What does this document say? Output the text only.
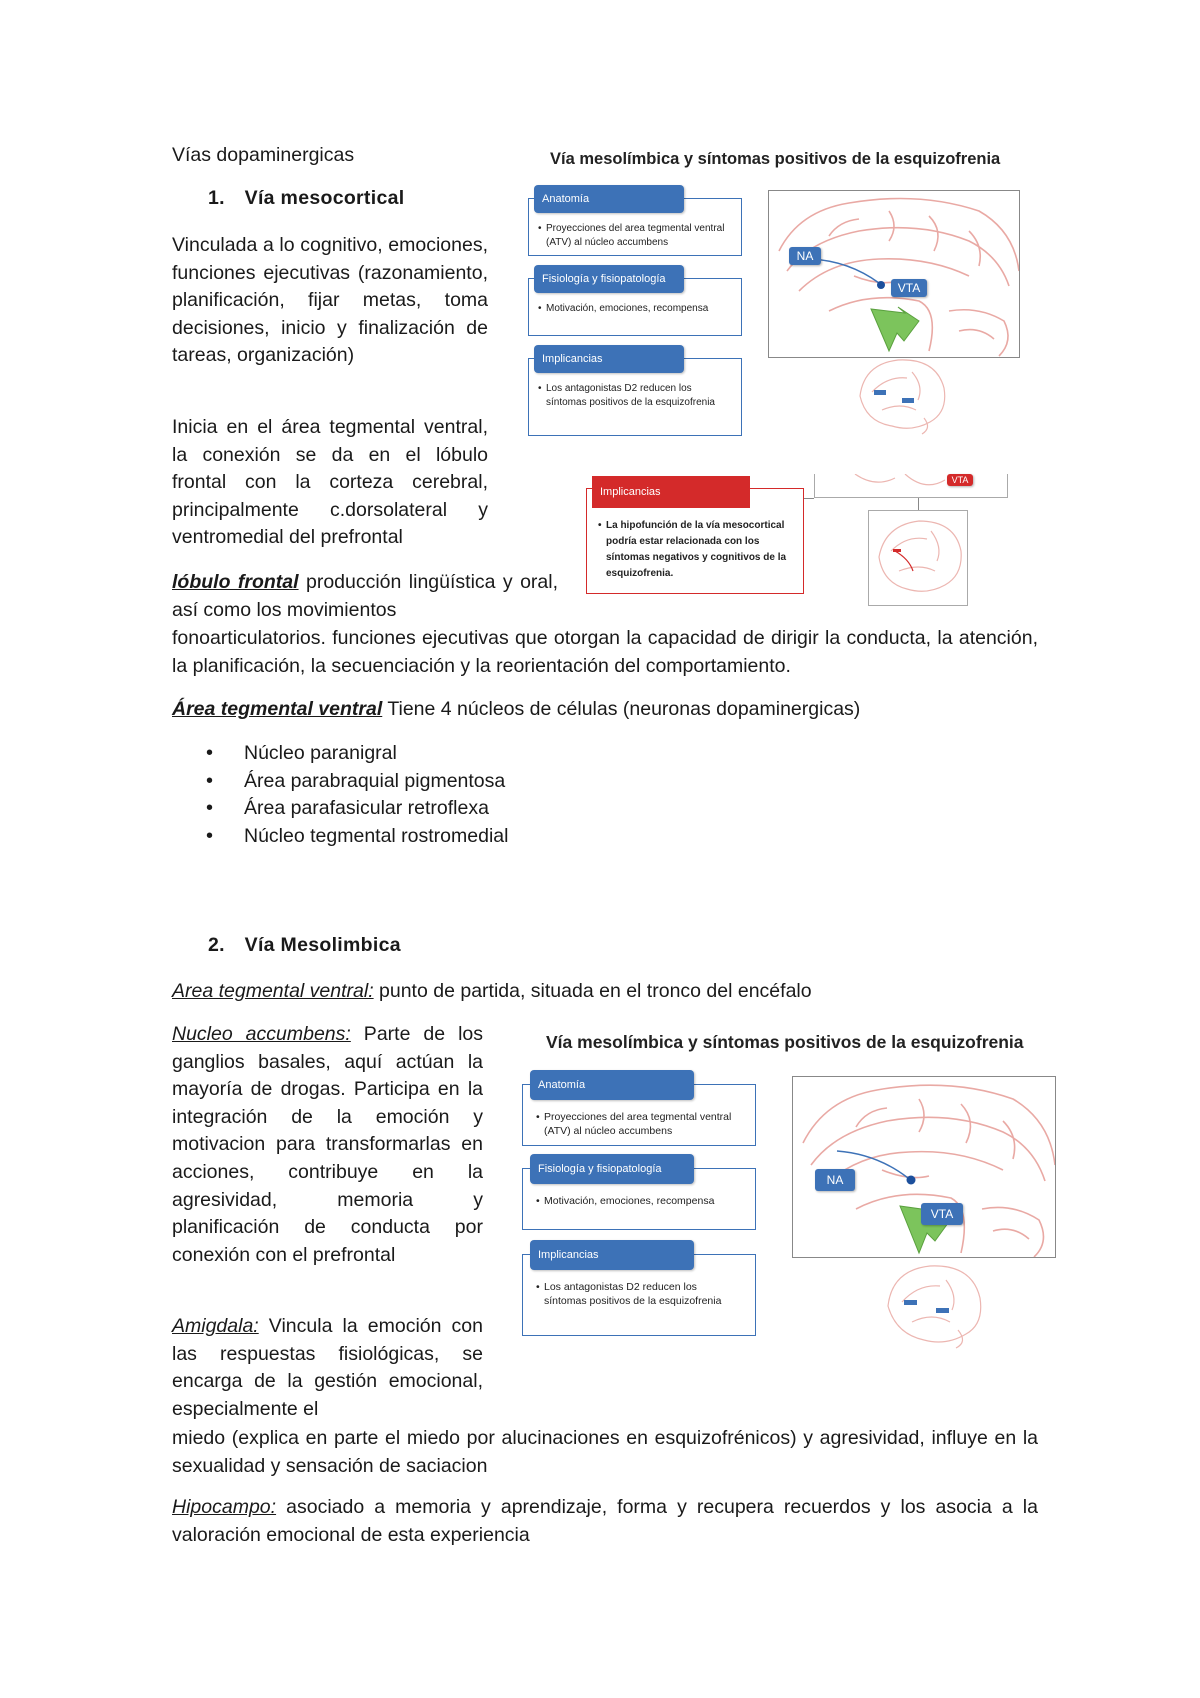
Vías dopaminergicas
1. Vía mesocortical
Vinculada a lo cognitivo, emociones, funciones ejecutivas (razonamiento, planificación, fijar metas, toma decisiones, inicio y finalización de tareas, organización)
Inicia en el área tegmental ventral, la conexión se da en el lóbulo frontal con la corteza cerebral, principalmente c.dorsolateral y ventromedial del prefrontal
lóbulo frontal producción lingüística y oral, así como los movimientos
fonoarticulatorios. funciones ejecutivas que otorgan la capacidad de dirigir la conducta, la atención, la planificación, la secuenciación y la reorientación del comportamiento.
Área tegmental ventral Tiene 4 núcleos de células (neuronas dopaminergicas)
• Núcleo paranigral
• Área parabraquial pigmentosa
• Área parafasicular retroflexa
• Núcleo tegmental rostromedial
2. Vía Mesolimbica
Area tegmental ventral: punto de partida, situada en el tronco del encéfalo
Nucleo accumbens: Parte de los ganglios basales, aquí actúan la mayoría de drogas. Participa en la integración de la emoción y motivacion para transformarlas en acciones, contribuye en la agresividad, memoria y planificación de conducta por conexión con el prefrontal
Amigdala: Vincula la emoción con las respuestas fisiológicas, se encarga de la gestión emocional, especialmente el
miedo (explica en parte el miedo por alucinaciones en esquizofrénicos) y agresividad, influye en la sexualidad y sensación de saciacion
Hipocampo: asociado a memoria y aprendizaje, forma y recupera recuerdos y los asocia a la valoración emocional de esta experiencia
Vía mesolímbica y síntomas positivos de la esquizofrenia
Anatomía
• Proyecciones del area tegmental ventral (ATV) al núcleo accumbens
Fisiología y fisiopatología
• Motivación, emociones, recompensa
Implicancias
• Los antagonistas D2 reducen los síntomas positivos de la esquizofrenia
NA
VTA
Implicancias
• La hipofunción de la vía mesocortical podría estar relacionada con los síntomas negativos y cognitivos de la esquizofrenia.
VTA
Vía mesolímbica y síntomas positivos de la esquizofrenia
Anatomía
• Proyecciones del area tegmental ventral (ATV) al núcleo accumbens
Fisiología y fisiopatología
• Motivación, emociones, recompensa
Implicancias
• Los antagonistas D2 reducen los síntomas positivos de la esquizofrenia
NA
VTA
